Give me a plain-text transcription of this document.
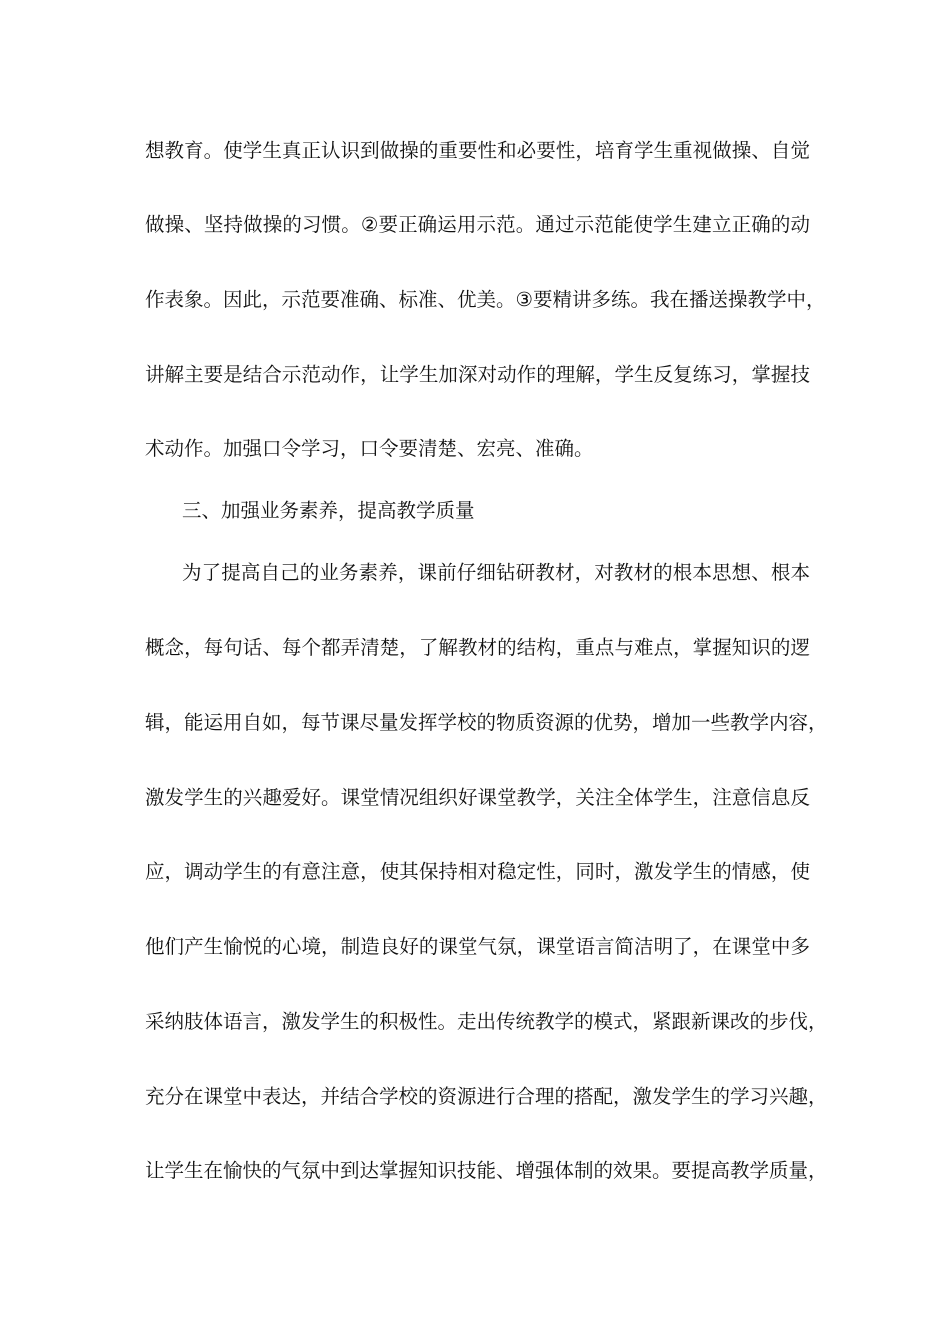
想教育。使学生真正认识到做操的重要性和必要性，培育学生重视做操、自觉
做操、坚持做操的习惯。②要正确运用示范。通过示范能使学生建立正确的动
作表象。因此，示范要准确、标准、优美。③要精讲多练。我在播送操教学中，
讲解主要是结合示范动作，让学生加深对动作的理解，学生反复练习，掌握技
术动作。加强口令学习，口令要清楚、宏亮、准确。
三、加强业务素养，提高教学质量
为了提高自己的业务素养，课前仔细钻研教材，对教材的根本思想、根本
概念，每句话、每个都弄清楚，了解教材的结构，重点与难点，掌握知识的逻
辑，能运用自如，每节课尽量发挥学校的物质资源的优势，增加一些教学内容，
激发学生的兴趣爱好。课堂情况组织好课堂教学，关注全体学生，注意信息反
应，调动学生的有意注意，使其保持相对稳定性，同时，激发学生的情感，使
他们产生愉悦的心境，制造良好的课堂气氛，课堂语言简洁明了，在课堂中多
采纳肢体语言，激发学生的积极性。走出传统教学的模式，紧跟新课改的步伐，
充分在课堂中表达，并结合学校的资源进行合理的搭配，激发学生的学习兴趣，
让学生在愉快的气氛中到达掌握知识技能、增强体制的效果。要提高教学质量，
